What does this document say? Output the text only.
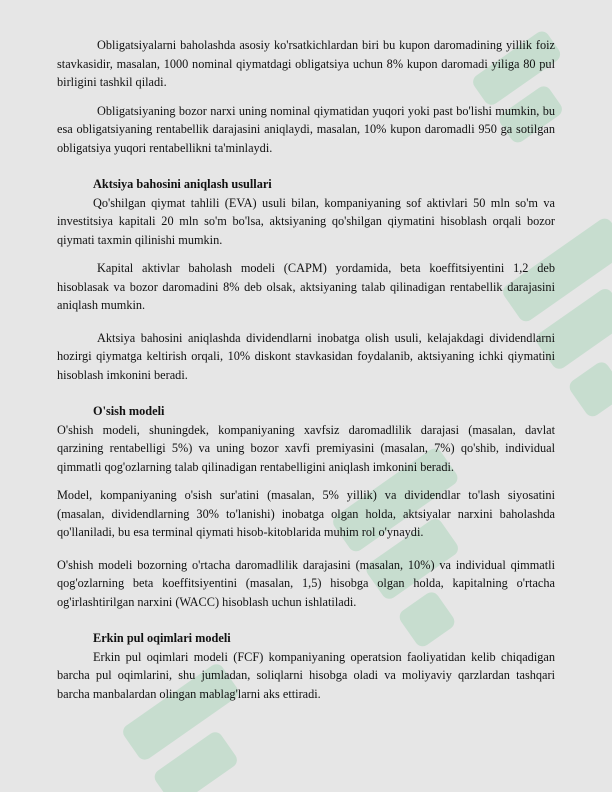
Obligatsiyalarni baholashda asosiy ko'rsatkichlardan biri bu kupon daromadining yillik foiz stavkasidir, masalan, 1000 nominal qiymatdagi obligatsiya uchun 8% kupon daromadi yiliga 80 pul birligini tashkil qiladi.

Obligatsiyaning bozor narxi uning nominal qiymatidan yuqori yoki past bo'lishi mumkin, bu esa obligatsiyaning rentabellik darajasini aniqlaydi, masalan, 10% kupon daromadli 950 ga sotilgan obligatsiya yuqori rentabellikni ta'minlaydi.

Aktsiya bahosini aniqlash usullari

Qo'shilgan qiymat tahlili (EVA) usuli bilan, kompaniyaning sof aktivlari 50 mln so'm va investitsiya kapitali 20 mln so'm bo'lsa, aktsiyaning qo'shilgan qiymatini hisoblash orqali bozor qiymati taxmin qilinishi mumkin.

Kapital aktivlar baholash modeli (CAPM) yordamida, beta koeffitsiyentini 1,2 deb hisoblasak va bozor daromadini 8% deb olsak, aktsiyaning talab qilinadigan rentabellik darajasini aniqlash mumkin.

Aktsiya bahosini aniqlashda dividendlarni inobatga olish usuli, kelajakdagi dividendlarni hozirgi qiymatga keltirish orqali, 10% diskont stavkasidan foydalanib, aktsiyaning ichki qiymatini hisoblash imkonini beradi.

O'sish modeli

O'shish modeli, shuningdek, kompaniyaning xavfsiz daromadlilik darajasi (masalan, davlat qarzining rentabelligi 5%) va uning bozor xavfi premiyasini (masalan, 7%) qo'shib, individual qimmatli qog'ozlarning talab qilinadigan rentabelligini aniqlash imkonini beradi.

Model, kompaniyaning o'sish sur'atini (masalan, 5% yillik) va dividendlar to'lash siyosatini (masalan, dividendlarning 30% to'lanishi) inobatga olgan holda, aktsiyalar narxini baholashda qo'llaniladi, bu esa terminal qiymati hisob-kitoblarida muhim rol o'ynaydi.

O'shish modeli bozorning o'rtacha daromadlilik darajasini (masalan, 10%) va individual qimmatli qog'ozlarning beta koeffitsiyentini (masalan, 1,5) hisobga olgan holda, kapitalning o'rtacha og'irlashtirilgan narxini (WACC) hisoblash uchun ishlatiladi.

Erkin pul oqimlari modeli

Erkin pul oqimlari modeli (FCF) kompaniyaning operatsion faoliyatidan kelib chiqadigan barcha pul oqimlarini, shu jumladan, soliqlarni hisobga oladi va moliyaviy qarzlardan tashqari barcha manbalardan olingan mablag'larni aks ettiradi.
